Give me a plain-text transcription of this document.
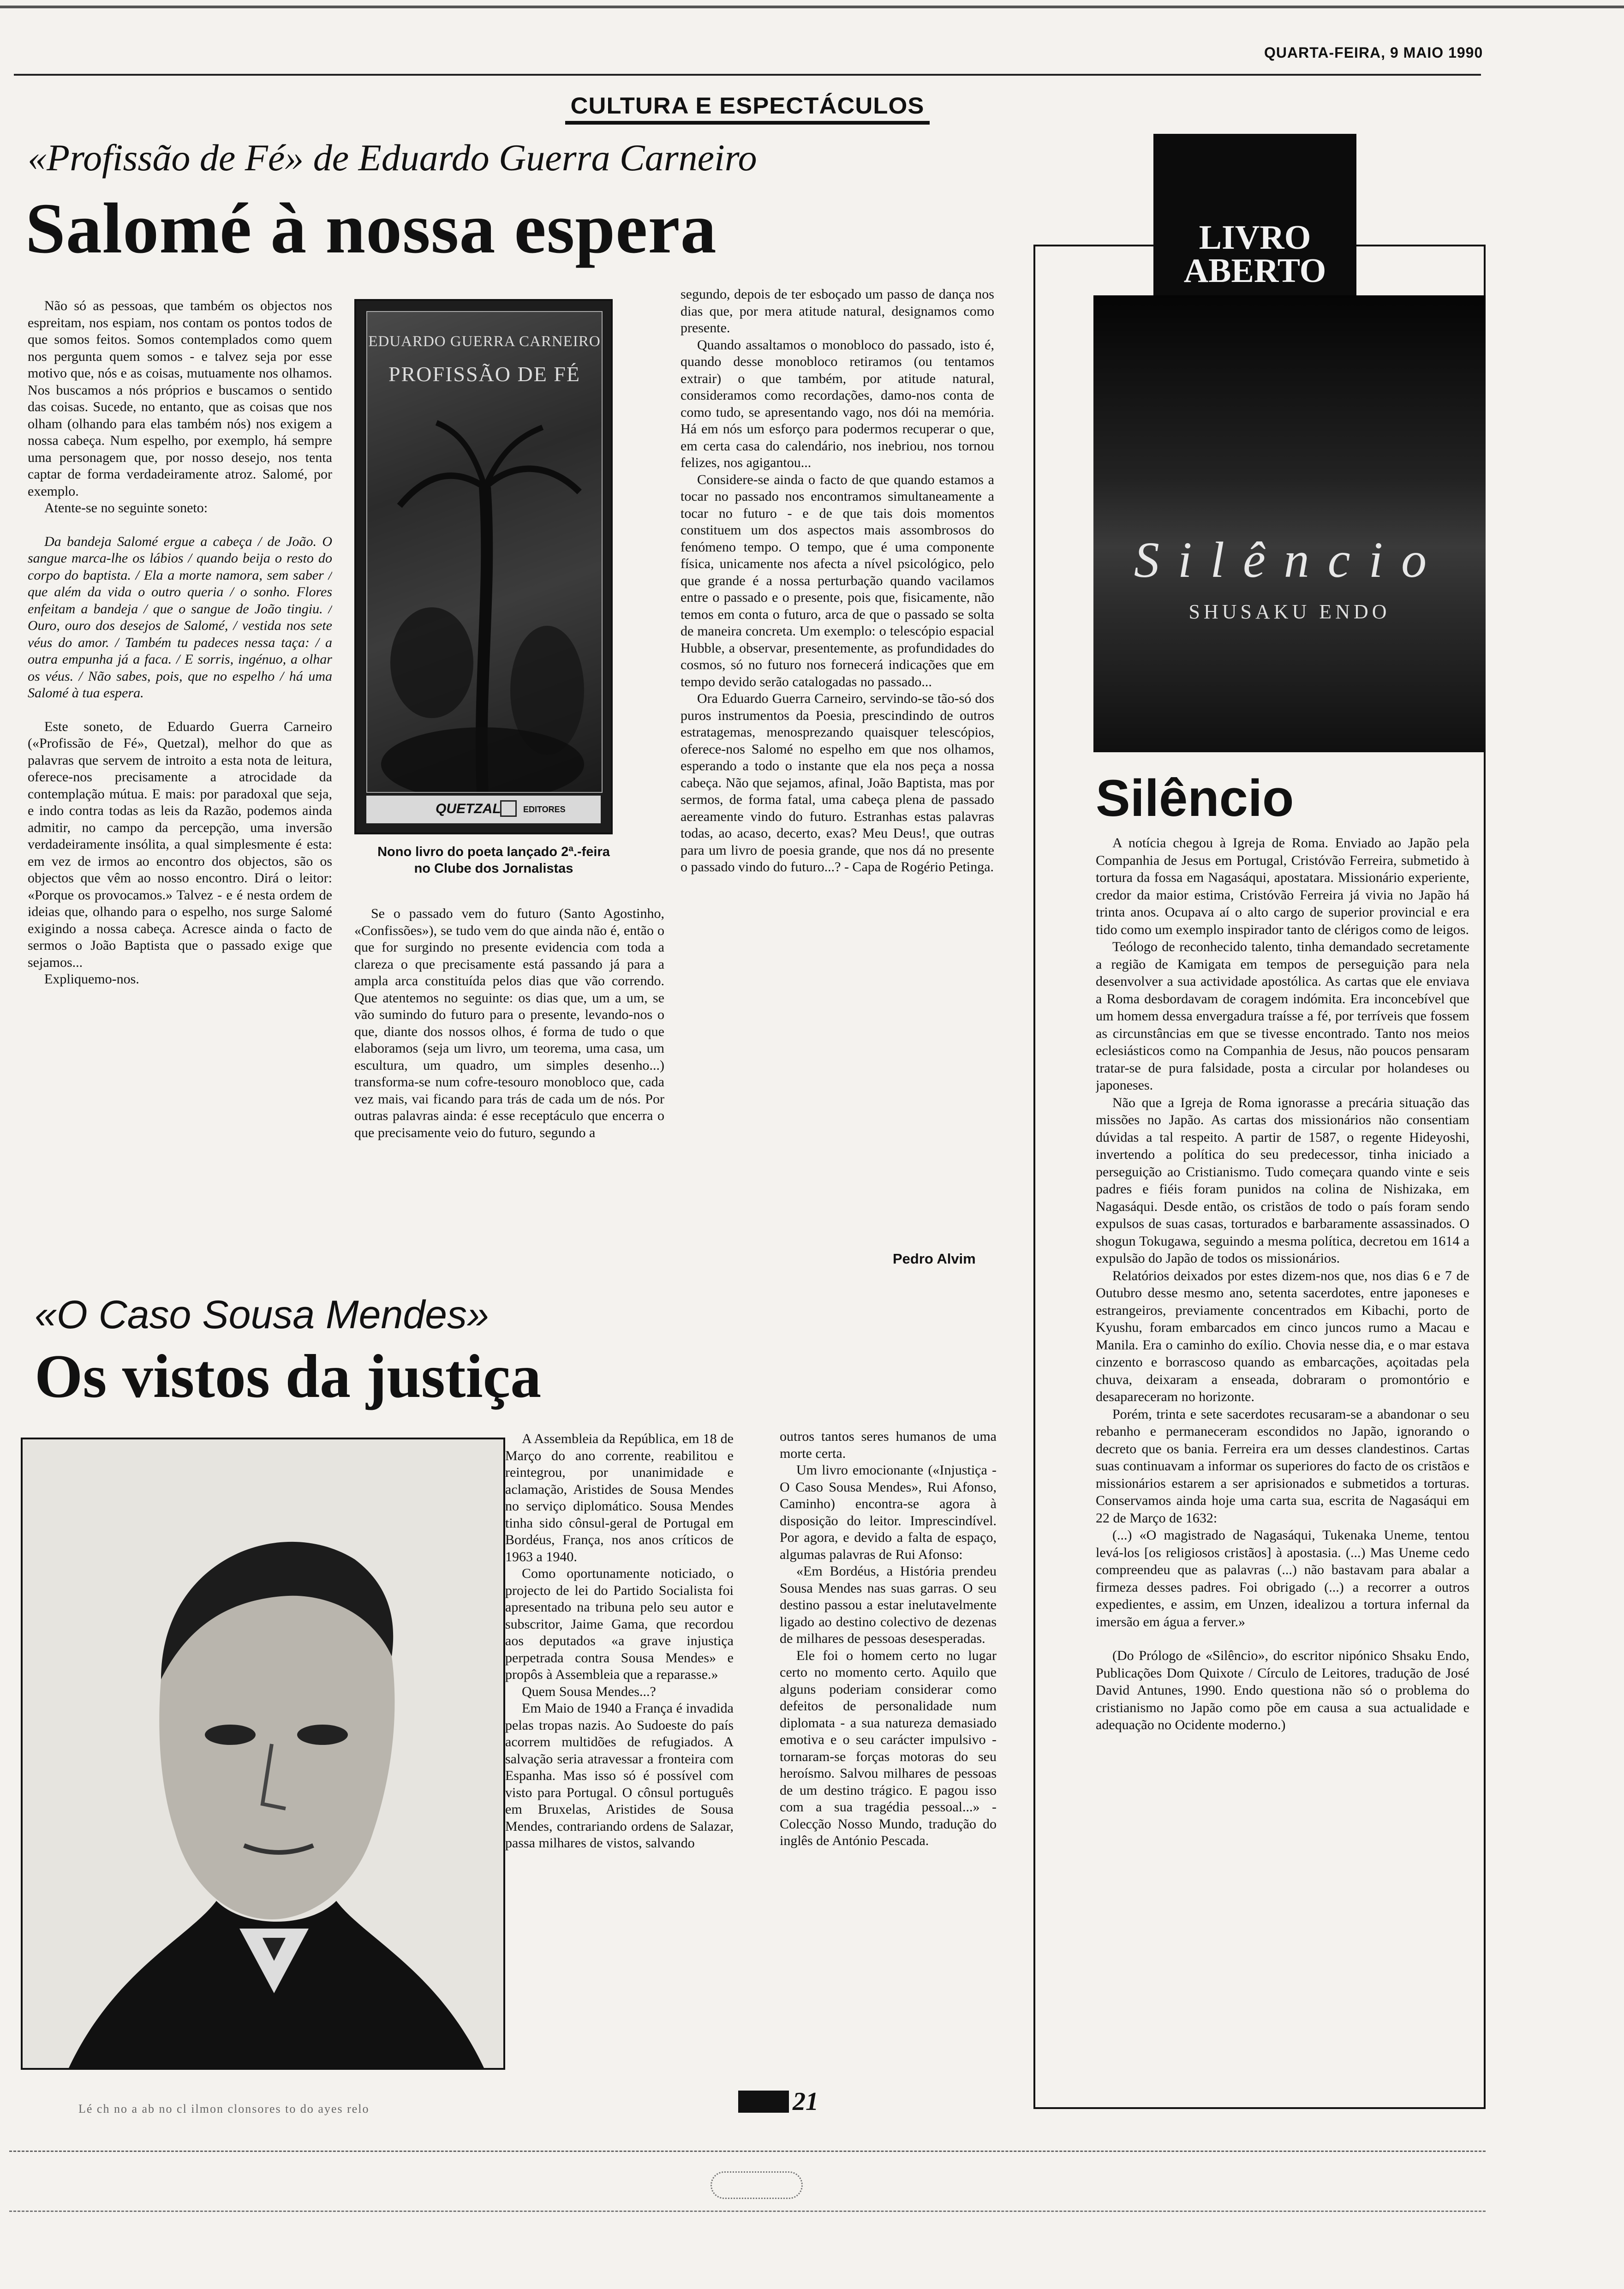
QUARTA-FEIRA, 9 MAIO 1990
CULTURA E ESPECTÁCULOS
«Profissão de Fé» de Eduardo Guerra Carneiro
Salomé à nossa espera

Não só as pessoas, que também os objectos nos espreitam, nos espiam, nos contam os pontos todos de que somos feitos. Somos contemplados como quem nos pergunta quem somos - e talvez seja por esse motivo que, nós e as coisas, mutuamente nos olhamos. Nos buscamos a nós próprios e buscamos o sentido das coisas. Sucede, no entanto, que as coisas que nos olham (olhando para elas também nós) nos exigem a nossa cabeça. Num espelho, por exemplo, há sempre uma personagem que, por nosso desejo, nos tenta captar de forma verdadeiramente atroz. Salomé, por exemplo.

Atente-se no seguinte soneto:

Da bandeja Salomé ergue a cabeça / de João. O sangue marca-lhe os lábios / quando beija o resto do corpo do baptista. / Ela a morte namora, sem saber / que além da vida o outro queria / o sonho. Flores enfeitam a bandeja / que o sangue de João tingiu. / Ouro, ouro dos desejos de Salomé, / vestida nos sete véus do amor. / Também tu padeces nessa taça: / a outra empunha já a faca. / E sorris, ingénuo, a olhar os véus. / Não sabes, pois, que no espelho / há uma Salomé à tua espera.

Este soneto, de Eduardo Guerra Carneiro («Profissão de Fé», Quetzal), melhor do que as palavras que servem de introito a esta nota de leitura, oferece-nos precisamente a atrocidade da contemplação mútua. E mais: por paradoxal que seja, e indo contra todas as leis da Razão, podemos ainda admitir, no campo da percepção, uma inversão verdadeiramente insólita, a qual simplesmente é esta: em vez de irmos ao encontro dos objectos, são os objectos que vêm ao nosso encontro. Dirá o leitor: «Porque os provocamos.» Talvez - e é nesta ordem de ideias que, olhando para o espelho, nos surge Salomé exigindo a nossa cabeça. Acresce ainda o facto de sermos o João Baptista que o passado exige que sejamos...

Expliquemo-nos.

EDUARDO GUERRA CARNEIRO
PROFISSÃO DE FÉ
QUETZAL	EDITORES
Nono livro do poeta lançado 2ª.-feira no Clube dos Jornalistas

Se o passado vem do futuro (Santo Agostinho, «Confissões»), se tudo vem do que ainda não é, então o que for surgindo no presente evidencia com toda a clareza o que precisamente está passando já para a ampla arca constituída pelos dias que vão correndo. Que atentemos no seguinte: os dias que, um a um, se vão sumindo do futuro para o presente, levando-nos o que, diante dos nossos olhos, é forma de tudo o que elaboramos (seja um livro, um teorema, uma casa, um escultura, um quadro, um simples desenho...) transforma-se num cofre-tesouro monobloco que, cada vez mais, vai ficando para trás de cada um de nós. Por outras palavras ainda: é esse receptáculo que encerra o que precisamente veio do futuro, segundo a

segundo, depois de ter esboçado um passo de dança nos dias que, por mera atitude natural, designamos como presente.

Quando assaltamos o monobloco do passado, isto é, quando desse monobloco retiramos (ou tentamos extrair) o que também, por atitude natural, consideramos como recordações, damo-nos conta de como tudo, se apresentando vago, nos dói na memória. Há em nós um esforço para podermos recuperar o que, em certa casa do calendário, nos inebriou, nos tornou felizes, nos agigantou...

Considere-se ainda o facto de que quando estamos a tocar no passado nos encontramos simultaneamente a tocar no futuro - e de que tais dois momentos constituem um dos aspectos mais assombrosos do fenómeno tempo. O tempo, que é uma componente física, unicamente nos afecta a nível psicológico, pelo que grande é a nossa perturbação quando vacilamos entre o passado e o presente, pois que, fisicamente, não temos em conta o futuro, arca de que o passado se solta de maneira concreta. Um exemplo: o telescópio espacial Hubble, a observar, presentemente, as profundidades do cosmos, só no futuro nos fornecerá indicações que em tempo devido serão catalogadas no passado...

Ora Eduardo Guerra Carneiro, servindo-se tão-só dos puros instrumentos da Poesia, prescindindo de outros estratagemas, menosprezando quaisquer telescópios, oferece-nos Salomé no espelho em que nos olhamos, esperando a todo o instante que ela nos peça a nossa cabeça. Não que sejamos, afinal, João Baptista, mas por sermos, de forma fatal, uma cabeça plena de passado aereamente vindo do futuro. Estranhas estas palavras todas, ao acaso, decerto, exas? Meu Deus!, que outras para um livro de poesia grande, que nos dá no presente o passado vindo do futuro...? - Capa de Rogério Petinga.

Pedro Alvim
«O Caso Sousa Mendes»
Os vistos da justiça

A Assembleia da República, em 18 de Março do ano corrente, reabilitou e reintegrou, por unanimidade e aclamação, Aristides de Sousa Mendes no serviço diplomático. Sousa Mendes tinha sido cônsul-geral de Portugal em Bordéus, França, nos anos críticos de 1963 a 1940.

Como oportunamente noticiado, o projecto de lei do Partido Socialista foi apresentado na tribuna pelo seu autor e subscritor, Jaime Gama, que recordou aos deputados «a grave injustiça perpetrada contra Sousa Mendes» e propôs à Assembleia que a reparasse.»

Quem Sousa Mendes...?

Em Maio de 1940 a França é invadida pelas tropas nazis. Ao Sudoeste do país acorrem multidões de refugiados. A salvação seria atravessar a fronteira com Espanha. Mas isso só é possível com visto para Portugal. O cônsul português em Bruxelas, Aristides de Sousa Mendes, contrariando ordens de Salazar, passa milhares de vistos, salvando

outros tantos seres humanos de uma morte certa.

Um livro emocionante («Injustiça - O Caso Sousa Mendes», Rui Afonso, Caminho) encontra-se agora à disposição do leitor. Imprescindível. Por agora, e devido a falta de espaço, algumas palavras de Rui Afonso:

«Em Bordéus, a História prendeu Sousa Mendes nas suas garras. O seu destino passou a estar inelutavelmente ligado ao destino colectivo de dezenas de milhares de pessoas desesperadas.

Ele foi o homem certo no lugar certo no momento certo. Aquilo que alguns poderiam considerar como defeitos de personalidade num diplomata - a sua natureza demasiado emotiva e o seu carácter impulsivo - tornaram-se forças motoras do seu heroísmo. Salvou milhares de pessoas de um destino trágico. E pagou isso com a sua tragédia pessoal...» - Colecção Nosso Mundo, tradução do inglês de António Pescada.

LIVRO
ABERTO
Silêncio
SHUSAKU ENDO
Silêncio

A notícia chegou à Igreja de Roma. Enviado ao Japão pela Companhia de Jesus em Portugal, Cristóvão Ferreira, submetido à tortura da fossa em Nagasáqui, apostatara. Missionário experiente, credor da maior estima, Cristóvão Ferreira já vivia no Japão há trinta anos. Ocupava aí o alto cargo de superior provincial e era tido como um exemplo inspirador tanto de clérigos como de leigos.

Teólogo de reconhecido talento, tinha demandado secretamente a região de Kamigata em tempos de perseguição para nela desenvolver a sua actividade apostólica. As cartas que ele enviava a Roma desbordavam de coragem indómita. Era inconcebível que um homem dessa envergadura traísse a fé, por terríveis que fossem as circunstâncias em que se tivesse encontrado. Tanto nos meios eclesiásticos como na Companhia de Jesus, não poucos pensaram tratar-se de pura falsidade, posta a circular por holandeses ou japoneses.

Não que a Igreja de Roma ignorasse a precária situação das missões no Japão. As cartas dos missionários não consentiam dúvidas a tal respeito. A partir de 1587, o regente Hideyoshi, invertendo a política do seu predecessor, tinha iniciado a perseguição ao Cristianismo. Tudo começara quando vinte e seis padres e fiéis foram punidos na colina de Nishizaka, em Nagasáqui. Desde então, os cristãos de todo o país foram sendo expulsos de suas casas, torturados e barbaramente assassinados. O shogun Tokugawa, seguindo a mesma política, decretou em 1614 a expulsão do Japão de todos os missionários.

Relatórios deixados por estes dizem-nos que, nos dias 6 e 7 de Outubro desse mesmo ano, setenta sacerdotes, entre japoneses e estrangeiros, previamente concentrados em Kibachi, porto de Kyushu, foram embarcados em cinco juncos rumo a Macau e Manila. Era o caminho do exílio. Chovia nesse dia, e o mar estava cinzento e borrascoso quando as embarcações, açoitadas pela chuva, deixaram a enseada, dobraram o promontório e desapareceram no horizonte.

Porém, trinta e sete sacerdotes recusaram-se a abandonar o seu rebanho e permaneceram escondidos no Japão, ignorando o decreto que os bania. Ferreira era um desses clandestinos. Cartas suas continuavam a informar os superiores do facto de os cristãos e missionários estarem a ser aprisionados e submetidos a torturas. Conservamos ainda hoje uma carta sua, escrita de Nagasáqui em 22 de Março de 1632:

(...) «O magistrado de Nagasáqui, Tukenaka Uneme, tentou levá-los [os religiosos cristãos] à apostasia. (...) Mas Uneme cedo compreendeu que as palavras (...) não bastavam para abalar a firmeza desses padres. Foi obrigado (...) a recorrer a outros expedientes, e assim, em Unzen, idealizou a tortura infernal da imersão em água a ferver.»

(Do Prólogo de «Silêncio», do escritor nipónico Shsaku Endo, Publicações Dom Quixote / Círculo de Leitores, tradução de José David Antunes, 1990. Endo questiona não só o problema do cristianismo no Japão como põe em causa a sua actualidade e adequação no Ocidente moderno.)

Lé ch no a ab no cl ilmon clonsores to do ayes relo	21
